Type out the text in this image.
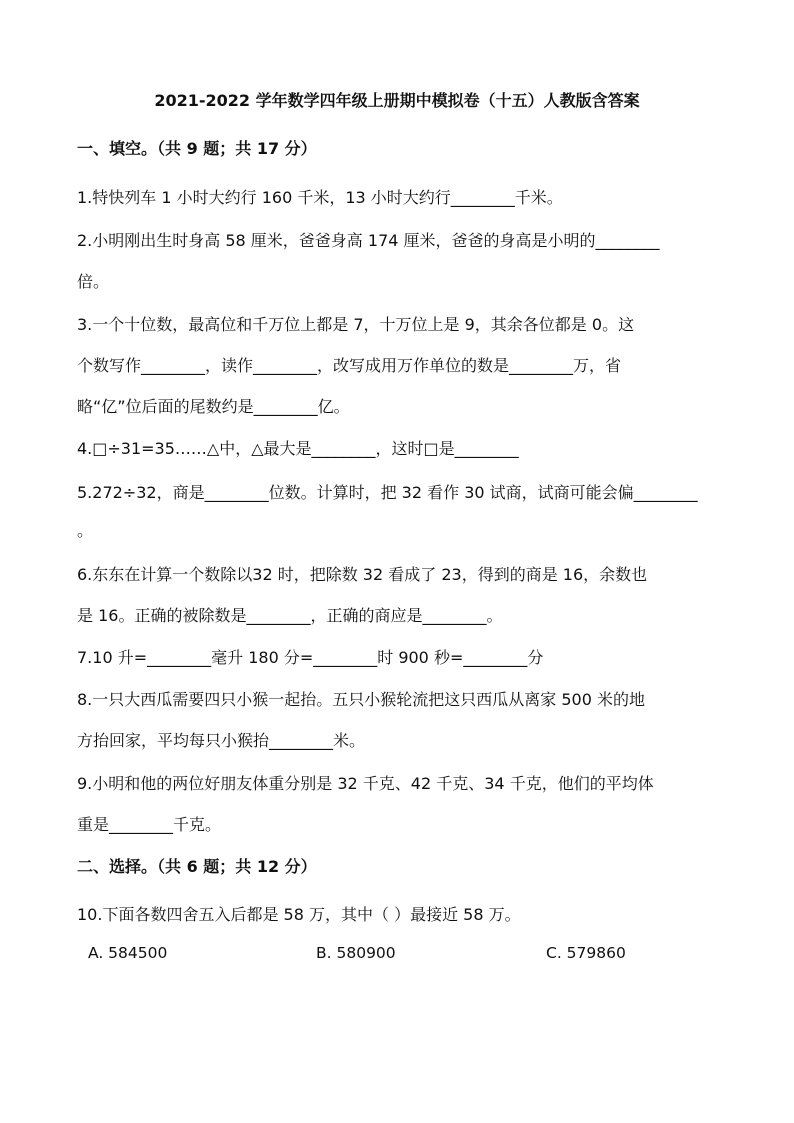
2021-2022 学年数学四年级上册期中模拟卷（十五）人教版含答案
一、填空。（共 9 题；共 17 分）
1.特快列车 1 小时大约行 160 千米，13 小时大约行________千米。
2.小明刚出生时身高 58 厘米，爸爸身高 174 厘米，爸爸的身高是小明的________
倍。
3.一个十位数，最高位和千万位上都是 7，十万位上是 9，其余各位都是 0。这
个数写作________，读作________，改写成用万作单位的数是________万，省
略“亿”位后面的尾数约是________亿。
4.□÷31=35……△中，△最大是________，这时□是________
5.272÷32，商是________位数。计算时，把 32 看作 30 试商，试商可能会偏________
。
6.东东在计算一个数除以32 时，把除数 32 看成了 23，得到的商是 16，余数也
是 16。正确的被除数是________，正确的商应是________。
7.10 升=________毫升 180 分=________时 900 秒=________分
8.一只大西瓜需要四只小猴一起抬。五只小猴轮流把这只西瓜从离家 500 米的地
方抬回家，平均每只小猴抬________米。
9.小明和他的两位好朋友体重分别是 32 千克、42 千克、34 千克，他们的平均体
重是________千克。
二、选择。（共 6 题；共 12 分）
10.下面各数四舍五入后都是 58 万，其中（ ）最接近 58 万。
A. 584500	B. 580900	C. 579860
